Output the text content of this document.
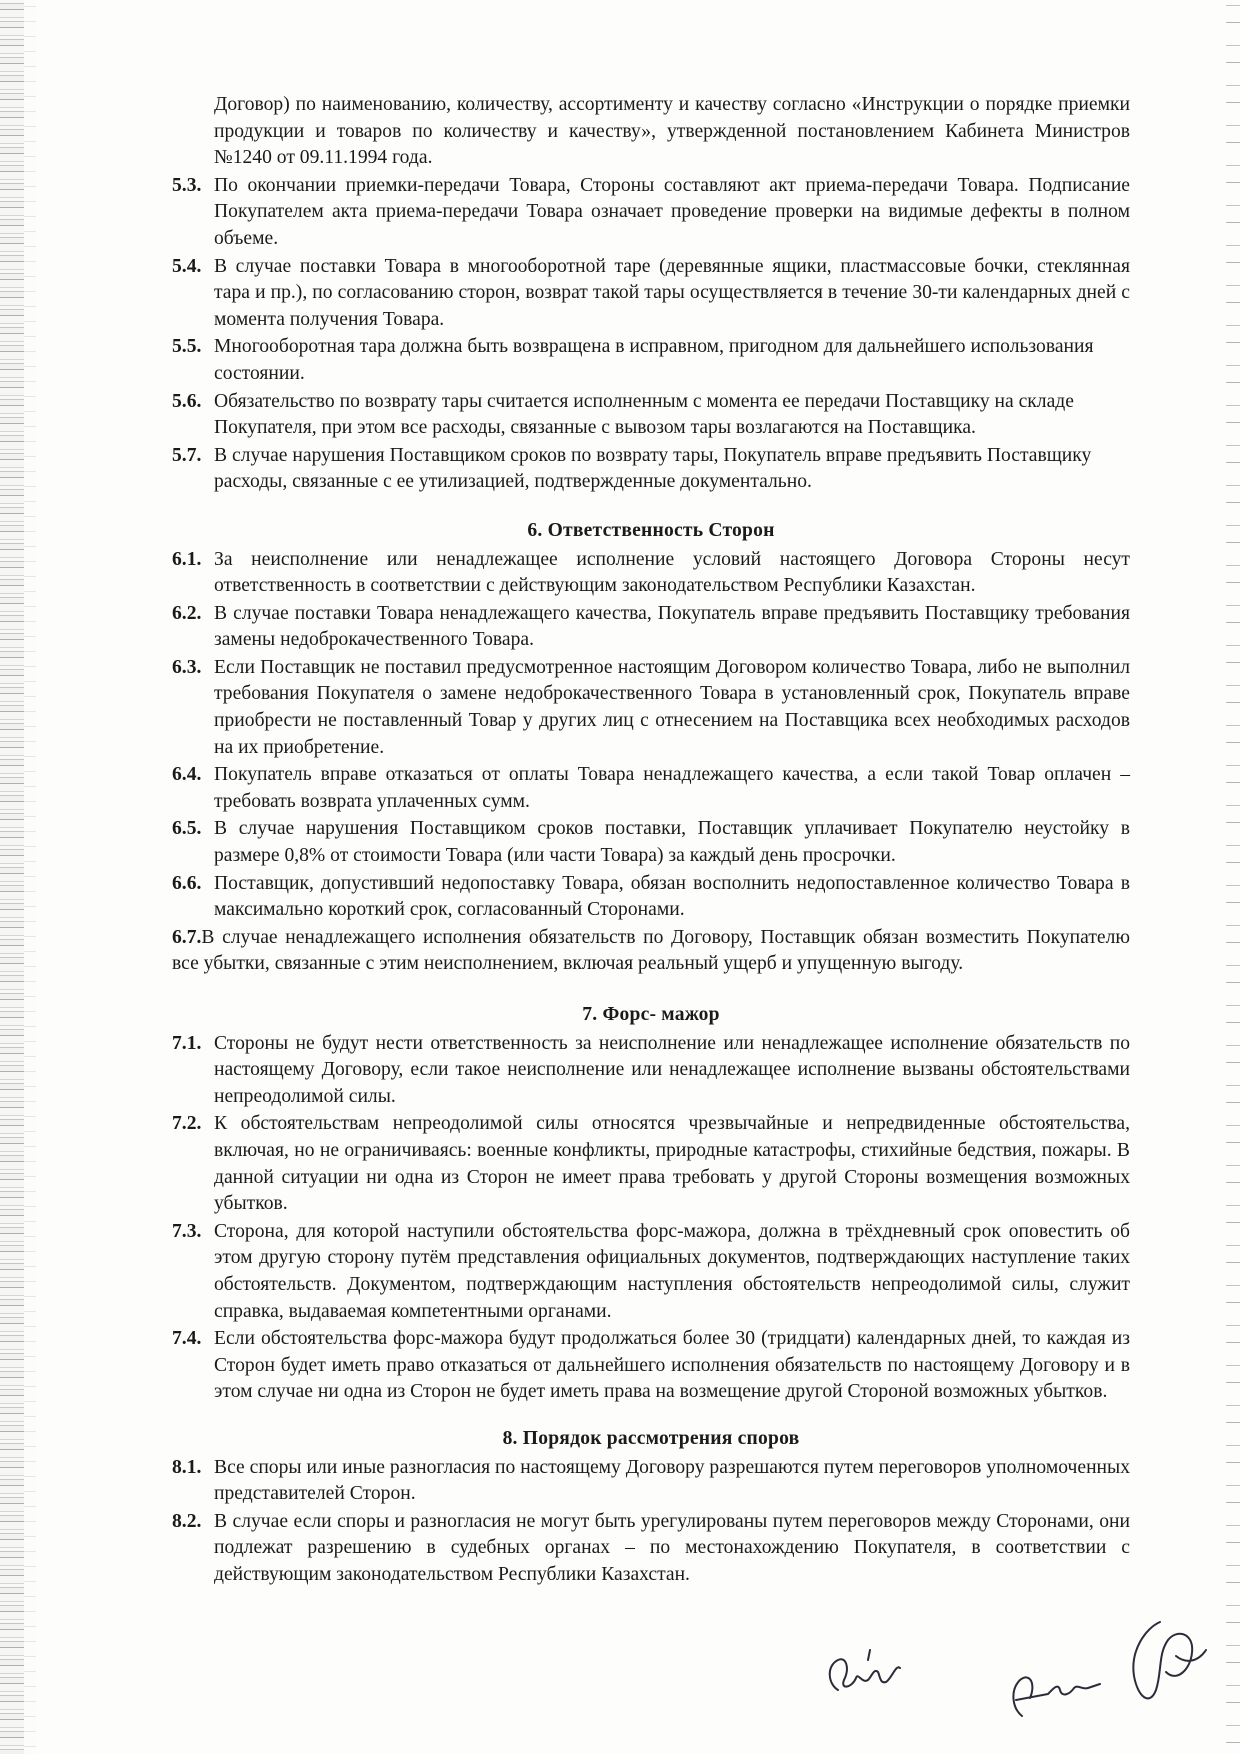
Договор) по наименованию, количеству, ассортименту и качеству согласно «Инструкции о порядке приемки продукции и товаров по количеству и качеству», утвержденной постановлением Кабинета Министров №1240 от 09.11.1994 года.

5.3. По окончании приемки-передачи Товара, Стороны составляют акт приема-передачи Товара. Подписание Покупателем акта приема-передачи Товара означает проведение проверки на видимые дефекты в полном объеме.
5.4. В случае поставки Товара в многооборотной таре (деревянные ящики, пластмассовые бочки, стеклянная тара и пр.), по согласованию сторон, возврат такой тары осуществляется в течение 30-ти календарных дней с момента получения Товара.
5.5. Многооборотная тара должна быть возвращена в исправном, пригодном для дальнейшего использования состоянии.
5.6. Обязательство по возврату тары считается исполненным с момента ее передачи Поставщику на складе Покупателя, при этом все расходы, связанные с вывозом тары возлагаются на Поставщика.
5.7. В случае нарушения Поставщиком сроков по возврату тары, Покупатель вправе предъявить Поставщику расходы, связанные с ее утилизацией, подтвержденные документально.
6. Ответственность Сторон
6.1. За неисполнение или ненадлежащее исполнение условий настоящего Договора Стороны несут ответственность в соответствии с действующим законодательством Республики Казахстан.
6.2. В случае поставки Товара ненадлежащего качества, Покупатель вправе предъявить Поставщику требования замены недоброкачественного Товара.
6.3. Если Поставщик не поставил предусмотренное настоящим Договором количество Товара, либо не выполнил требования Покупателя о замене недоброкачественного Товара в установленный срок, Покупатель вправе приобрести не поставленный Товар у других лиц с отнесением на Поставщика всех необходимых расходов на их приобретение.
6.4. Покупатель вправе отказаться от оплаты Товара ненадлежащего качества, а если такой Товар оплачен – требовать возврата уплаченных сумм.
6.5. В случае нарушения Поставщиком сроков поставки, Поставщик уплачивает Покупателю неустойку в размере 0,8% от стоимости Товара (или части Товара) за каждый день просрочки.
6.6. Поставщик, допустивший недопоставку Товара, обязан восполнить недопоставленное количество Товара в максимально короткий срок, согласованный Сторонами.
6.7.В случае ненадлежащего исполнения обязательств по Договору, Поставщик обязан возместить Покупателю все убытки, связанные с этим неисполнением, включая реальный ущерб и упущенную выгоду.
7. Форс- мажор
7.1. Стороны не будут нести ответственность за неисполнение или ненадлежащее исполнение обязательств по настоящему Договору, если такое неисполнение или ненадлежащее исполнение вызваны обстоятельствами непреодолимой силы.
7.2. К обстоятельствам непреодолимой силы относятся чрезвычайные и непредвиденные обстоятельства, включая, но не ограничиваясь: военные конфликты, природные катастрофы, стихийные бедствия, пожары. В данной ситуации ни одна из Сторон не имеет права требовать у другой Стороны возмещения возможных убытков.
7.3. Сторона, для которой наступили обстоятельства форс-мажора, должна в трёхдневный срок оповестить об этом другую сторону путём представления официальных документов, подтверждающих наступление таких обстоятельств. Документом, подтверждающим наступления обстоятельств непреодолимой силы, служит справка, выдаваемая компетентными органами.
7.4. Если обстоятельства форс-мажора будут продолжаться более 30 (тридцати) календарных дней, то каждая из Сторон будет иметь право отказаться от дальнейшего исполнения обязательств по настоящему Договору и в этом случае ни одна из Сторон не будет иметь права на возмещение другой Стороной возможных убытков.
8. Порядок рассмотрения споров
8.1. Все споры или иные разногласия по настоящему Договору разрешаются путем переговоров уполномоченных представителей Сторон.
8.2. В случае если споры и разногласия не могут быть урегулированы путем переговоров между Сторонами, они подлежат разрешению в судебных органах – по местонахождению Покупателя, в соответствии с действующим законодательством Республики Казахстан.
